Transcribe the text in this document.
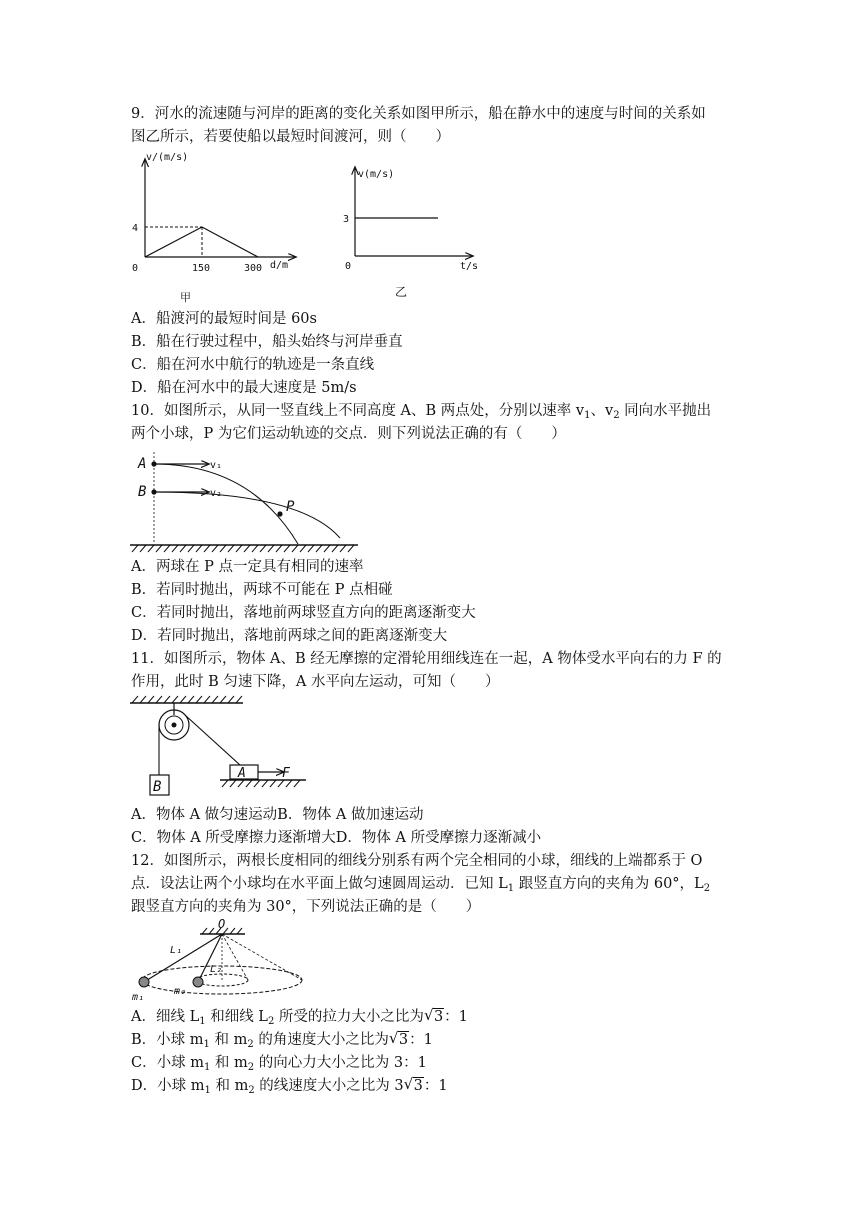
9．河水的流速随与河岸的距离的变化关系如图甲所示，船在静水中的速度与时间的关系如
图乙所示，若要使船以最短时间渡河，则（　　）
v/(m/s)
4
0	150	300 d/m
甲
v(m/s)
3
0	t/s
乙
A．船渡河的最短时间是 60s
B．船在行驶过程中，船头始终与河岸垂直
C．船在河水中航行的轨迹是一条直线
D．船在河水中的最大速度是 5m/s
10．如图所示，从同一竖直线上不同高度 A、B 两点处，分别以速率 $v_1$、$v_2$ 同向水平抛出
两个小球，P 为它们运动轨迹的交点．则下列说法正确的有（　　）
A
B
P
v₁
v₂
A．两球在 P 点一定具有相同的速率
B．若同时抛出，两球不可能在 P 点相碰
C．若同时抛出，落地前两球竖直方向的距离逐渐变大
D．若同时抛出，落地前两球之间的距离逐渐变大
11．如图所示，物体 A、B 经无摩擦的定滑轮用细线连在一起，A 物体受水平向右的力 F 的
作用，此时 B 匀速下降，A 水平向左运动，可知（　　）
B
A	F
A．物体 A 做匀速运动B．物体 A 做加速运动
C．物体 A 所受摩擦力逐渐增大D．物体 A 所受摩擦力逐渐减小
12．如图所示，两根长度相同的细线分别系有两个完全相同的小球，细线的上端都系于 O
点．设法让两个小球均在水平面上做匀速圆周运动．已知 $L_1$ 跟竖直方向的夹角为 60°，$L_2$
跟竖直方向的夹角为 30°，下列说法正确的是（　　）
O
L₁
L₂
m₁
m₂
A．细线 $L_1$ 和细线 $L_2$ 所受的拉力大小之比为 √ 3：1
B．小球 $m_1$ 和 $m_2$ 的角速度大小之比为 √ 3：1
C．小球 $m_1$ 和 $m_2$ 的向心力大小之比为 3：1
D．小球 $m_1$ 和 $m_2$ 的线速度大小之比为 3 √ 3：1
